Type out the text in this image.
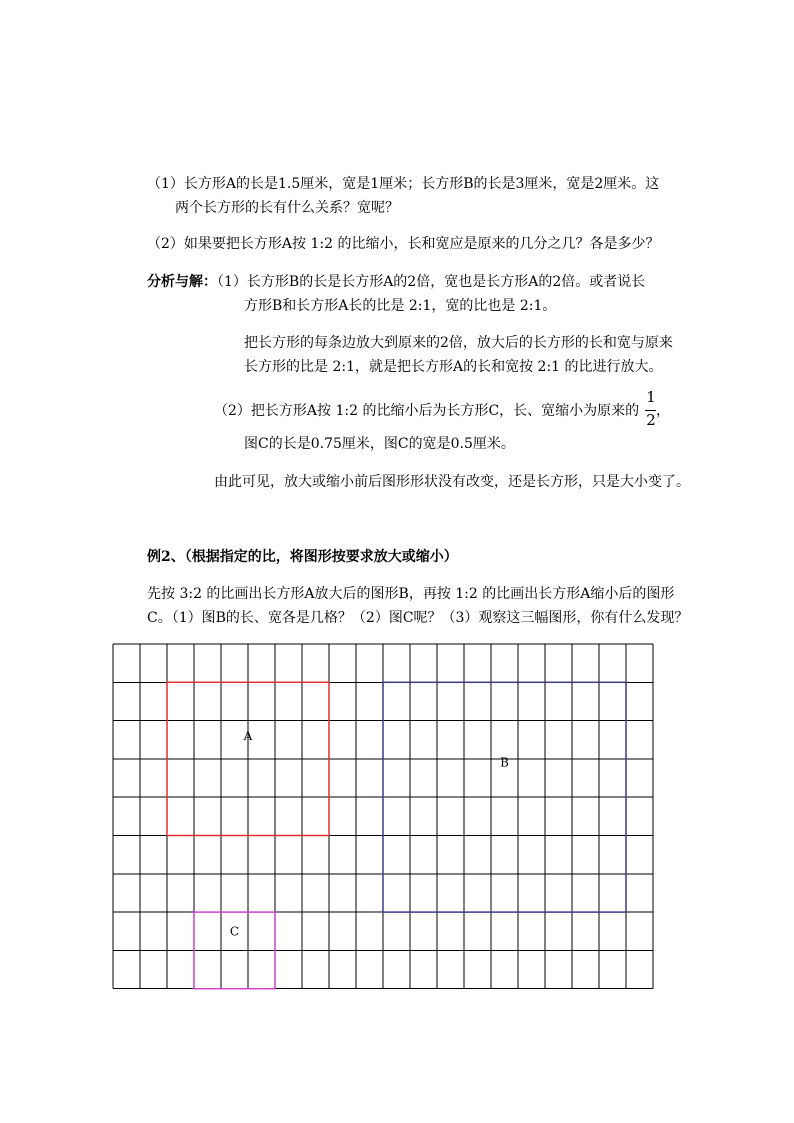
（1）长方形A的长是1.5厘米，宽是1厘米；长方形B的长是3厘米，宽是2厘米。这
两个长方形的长有什么关系？宽呢？
（2）如果要把长方形A按 1:2 的比缩小，长和宽应是原来的几分之几？各是多少？
分析与解：（1）长方形B的长是长方形A的2倍，宽也是长方形A的2倍。或者说长
方形B和长方形A长的比是 2:1，宽的比也是 2:1。
把长方形的每条边放大到原来的2倍，放大后的长方形的长和宽与原来
长方形的比是 2:1，就是把长方形A的长和宽按 2:1 的比进行放大。
（2）把长方形A按 1:2 的比缩小后为长方形C，长、宽缩小为原来的
1
2 ，
图C的长是0.75厘米，图C的宽是0.5厘米。
由此可见，放大或缩小前后图形形状没有改变，还是长方形，只是大小变了。
例2、（根据指定的比，将图形按要求放大或缩小）
先按 3:2 的比画出长方形A放大后的图形B，再按 1:2 的比画出长方形A缩小后的图形
C。（1）图B的长、宽各是几格？（2）图C呢？（3）观察这三幅图形，你有什么发现？
A
B
C
